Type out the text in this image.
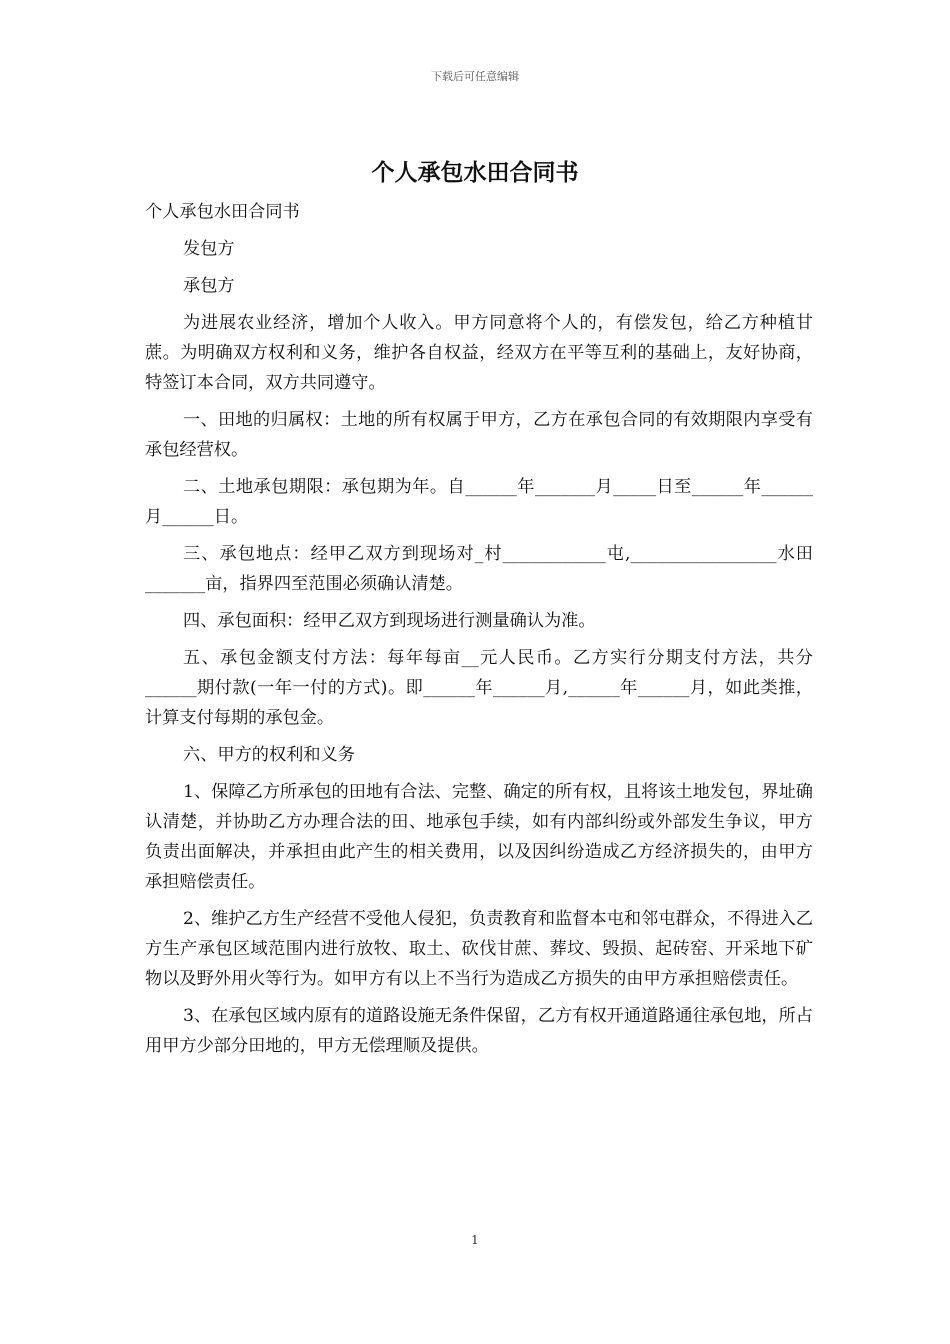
下载后可任意编辑
个人承包水田合同书

个人承包水田合同书

发包方

承包方

为进展农业经济，增加个人收入。甲方同意将个人的，有偿发包，给乙方种植甘蔗。为明确双方权利和义务，维护各自权益，经双方在平等互利的基础上，友好协商，特签订本合同，双方共同遵守。

一、田地的归属权：土地的所有权属于甲方，乙方在承包合同的有效期限内享受有承包经营权。

二、土地承包期限：承包期为年。自______年_______月_____日至______年______月______日。

三、承包地点：经甲乙双方到现场对_村____________屯,_________________水田_______亩，指界四至范围必须确认清楚。

四、承包面积：经甲乙双方到现场进行测量确认为准。

五、承包金额支付方法：每年每亩__元人民币。乙方实行分期支付方法，共分______期付款(一年一付的方式)。即______年______月,______年______月，如此类推，计算支付每期的承包金。

六、甲方的权利和义务

1、保障乙方所承包的田地有合法、完整、确定的所有权，且将该土地发包，界址确认清楚，并协助乙方办理合法的田、地承包手续，如有内部纠纷或外部发生争议，甲方负责出面解决，并承担由此产生的相关费用，以及因纠纷造成乙方经济损失的，由甲方承担赔偿责任。

2、维护乙方生产经营不受他人侵犯，负责教育和监督本屯和邻屯群众，不得进入乙方生产承包区域范围内进行放牧、取土、砍伐甘蔗、葬坟、毁损、起砖窑、开采地下矿物以及野外用火等行为。如甲方有以上不当行为造成乙方损失的由甲方承担赔偿责任。

3、在承包区域内原有的道路设施无条件保留，乙方有权开通道路通往承包地，所占用甲方少部分田地的，甲方无偿理顺及提供。

1
